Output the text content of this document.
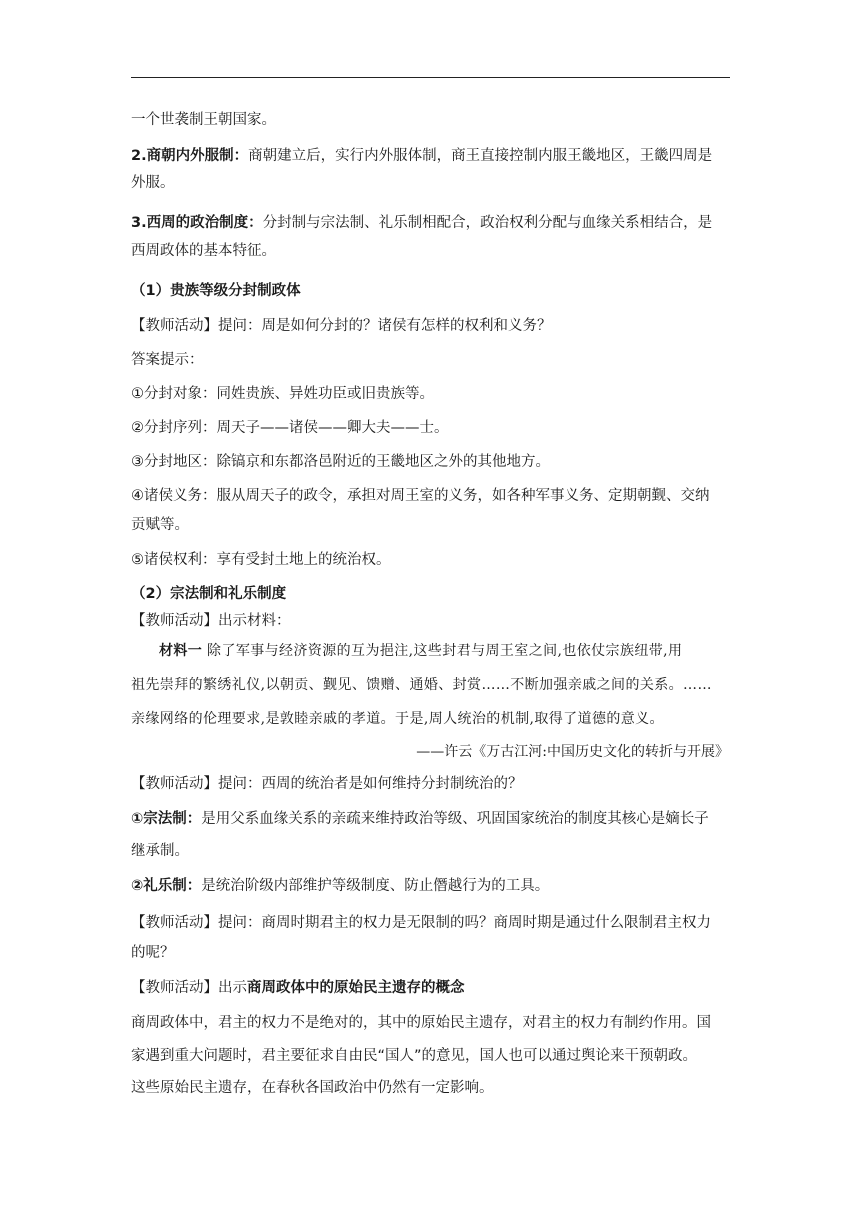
一个世袭制王朝国家。
2.商朝内外服制：商朝建立后，实行内外服体制，商王直接控制内服王畿地区，王畿四周是
外服。
3.西周的政治制度：分封制与宗法制、礼乐制相配合，政治权利分配与血缘关系相结合，是
西周政体的基本特征。
（1）贵族等级分封制政体
【教师活动】提问：周是如何分封的？诸侯有怎样的权利和义务？
答案提示：
①分封对象：同姓贵族、异姓功臣或旧贵族等。
②分封序列：周天子——诸侯——卿大夫——士。
③分封地区：除镐京和东都洛邑附近的王畿地区之外的其他地方。
④诸侯义务：服从周天子的政令，承担对周王室的义务，如各种军事义务、定期朝觐、交纳
贡赋等。
⑤诸侯权利：享有受封土地上的统治权。
（2）宗法制和礼乐制度
【教师活动】出示材料：
材料一 除了军事与经济资源的互为挹注,这些封君与周王室之间,也依仗宗族纽带,用
祖先崇拜的繁绣礼仪,以朝贡、觐见、馈赠、通婚、封赏……不断加强亲戚之间的关系。……
亲缘网络的伦理要求,是敦睦亲戚的孝道。于是,周人统治的机制,取得了道德的意义。
——许云《万古江河:中国历史文化的转折与开展》
【教师活动】提问：西周的统治者是如何维持分封制统治的？
①宗法制：是用父系血缘关系的亲疏来维持政治等级、巩固国家统治的制度其核心是嫡长子
继承制。
②礼乐制：是统治阶级内部维护等级制度、防止僭越行为的工具。
【教师活动】提问：商周时期君主的权力是无限制的吗？商周时期是通过什么限制君主权力
的呢？
【教师活动】出示商周政体中的原始民主遗存的概念
商周政体中，君主的权力不是绝对的，其中的原始民主遗存，对君主的权力有制约作用。国
家遇到重大问题时，君主要征求自由民“国人”的意见，国人也可以通过舆论来干预朝政。
这些原始民主遗存，在春秋各国政治中仍然有一定影响。
